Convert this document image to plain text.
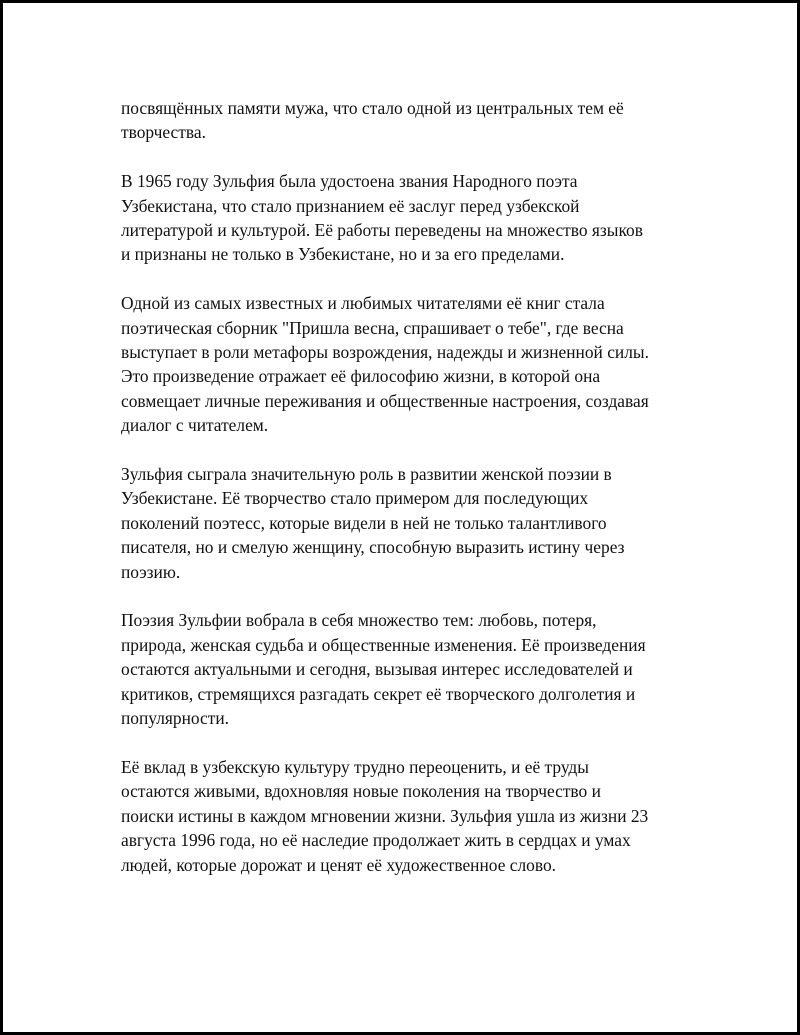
посвящённых памяти мужа, что стало одной из центральных тем её
творчества.

В 1965 году Зульфия была удостоена звания Народного поэта
Узбекистана, что стало признанием её заслуг перед узбекской
литературой и культурой. Её работы переведены на множество языков
и признаны не только в Узбекистане, но и за его пределами.

Одной из самых известных и любимых читателями её книг стала
поэтическая сборник "Пришла весна, спрашивает о тебе", где весна
выступает в роли метафоры возрождения, надежды и жизненной силы.
Это произведение отражает её философию жизни, в которой она
совмещает личные переживания и общественные настроения, создавая
диалог с читателем.

Зульфия сыграла значительную роль в развитии женской поэзии в
Узбекистане. Её творчество стало примером для последующих
поколений поэтесс, которые видели в ней не только талантливого
писателя, но и смелую женщину, способную выразить истину через
поэзию.

Поэзия Зульфии вобрала в себя множество тем: любовь, потеря,
природа, женская судьба и общественные изменения. Её произведения
остаются актуальными и сегодня, вызывая интерес исследователей и
критиков, стремящихся разгадать секрет её творческого долголетия и
популярности.

Её вклад в узбекскую культуру трудно переоценить, и её труды
остаются живыми, вдохновляя новые поколения на творчество и
поиски истины в каждом мгновении жизни. Зульфия ушла из жизни 23
августа 1996 года, но её наследие продолжает жить в сердцах и умах
людей, которые дорожат и ценят её художественное слово.
